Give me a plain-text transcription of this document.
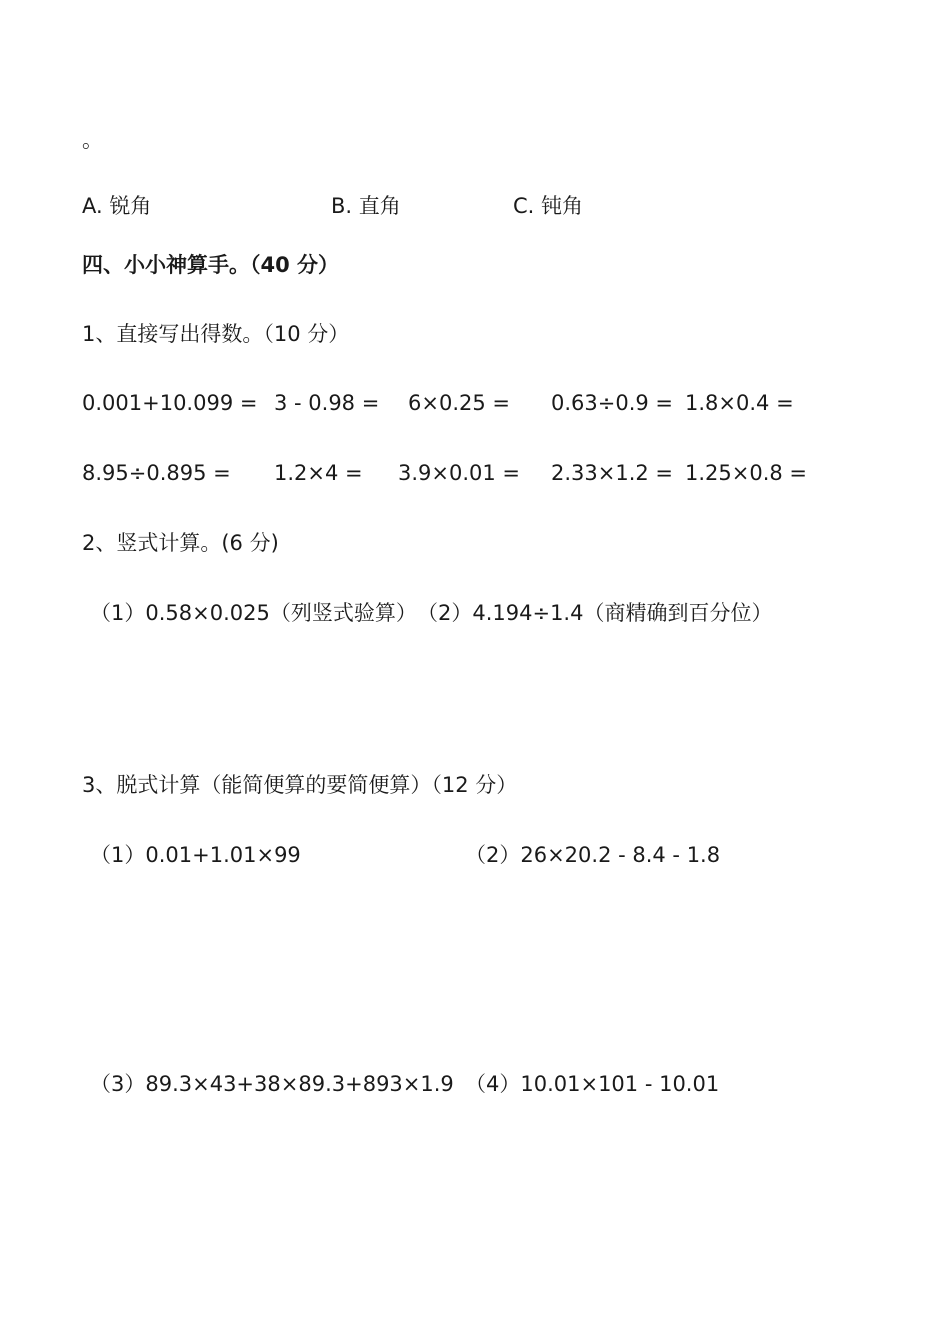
。
A. 锐角	B. 直角	C. 钝角
四、小小神算手。（40 分）
1、直接写出得数。（10 分）
0.001+10.099 = 3 - 0.98 = 6×0.25 = 0.63÷0.9 = 1.8×0.4 =
8.95÷0.895 = 1.2×4 = 3.9×0.01 = 2.33×1.2 = 1.25×0.8 =
2、竖式计算。(6 分)
（1）0.58×0.025（列竖式验算） （2）4.194÷1.4（商精确到百分位）
3、脱式计算（能简便算的要简便算）（12 分）
（1）0.01+1.01×99	（2）26×20.2 - 8.4 - 1.8
（3）89.3×43+38×89.3+893×1.9 （4）10.01×101 - 10.01
